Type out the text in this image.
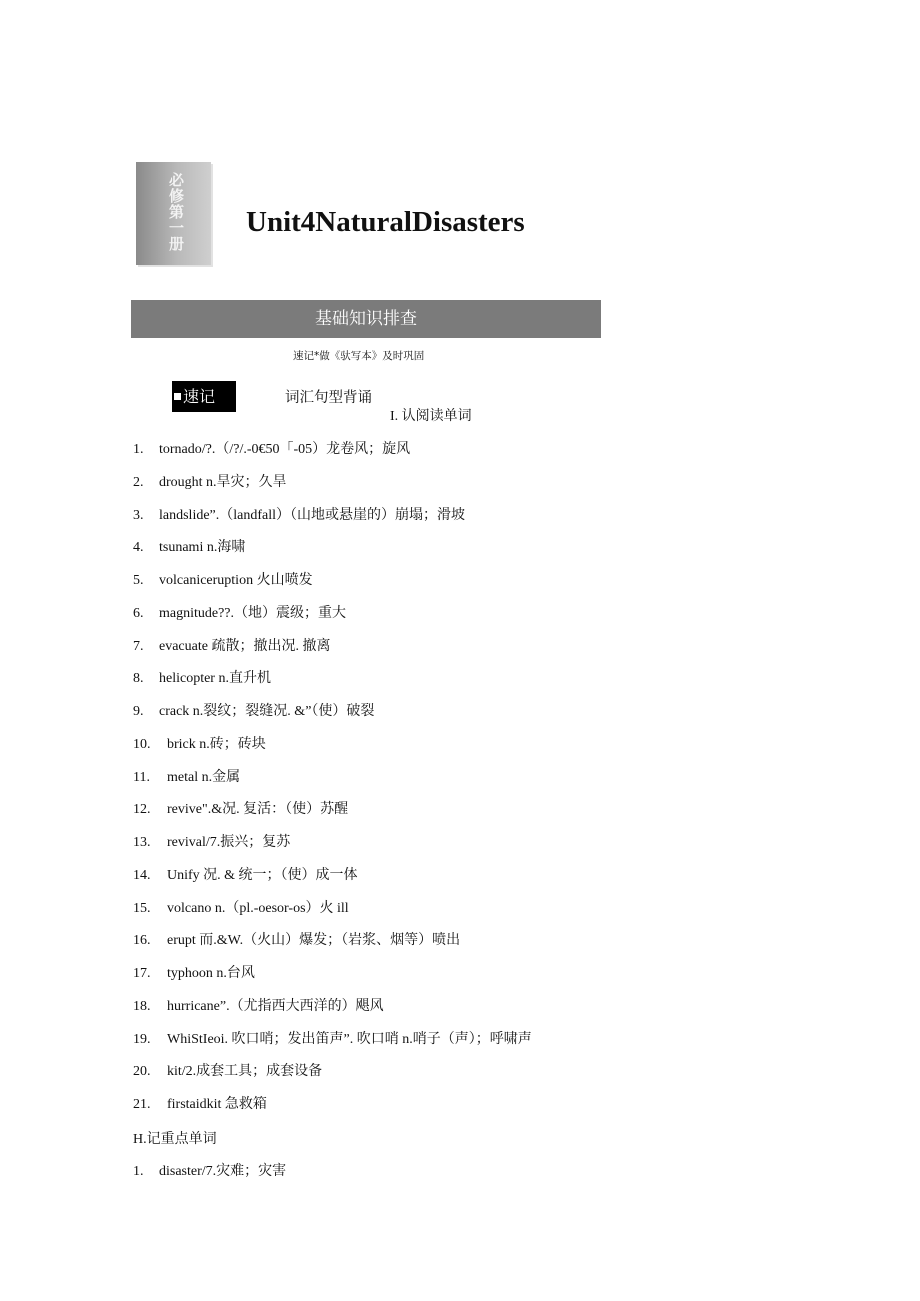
必修第一册 Unit4NaturalDisasters
基础知识排查
速记*做《驮写本》及时巩固
速记	词汇句型背诵
I. 认阅读单词
1. tornado/?.（/?/.-0€50「-05）龙卷风；旋风
2. drought n.旱灾；久旱
3. landslide”.（landfall）（山地或悬崖的）崩塌；滑坡
4. tsunami n.海啸
5. volcaniceruption 火山喷发
6. magnitude??.（地）震级；重大
7. evacuate 疏散；撤出况. 撤离
8. helicopter n.直升机
9. crack n.裂纹；裂缝况. &”（使）破裂
10. brick n.砖；砖块
11. metal n.金属
12. revive".&况. 复活：（使）苏醒
13. revival/7.振兴；复苏
14. Unify 况. & 统一；（使）成一体
15. volcano n.（pl.-oesor-os）火 ill
16. erupt 而.&W.（火山）爆发；（岩浆、烟等）喷出
17. typhoon n.台风
18. hurricane”.（尤指西大西洋的）飓风
19. WhiStIeoi. 吹口哨；发出笛声”. 吹口哨 n.哨子（声）；呼啸声
20. kit/2.成套工具；成套设备
21. firstaidkit 急救箱
H.记重点单词
1. disaster/7.灾难；灾害
